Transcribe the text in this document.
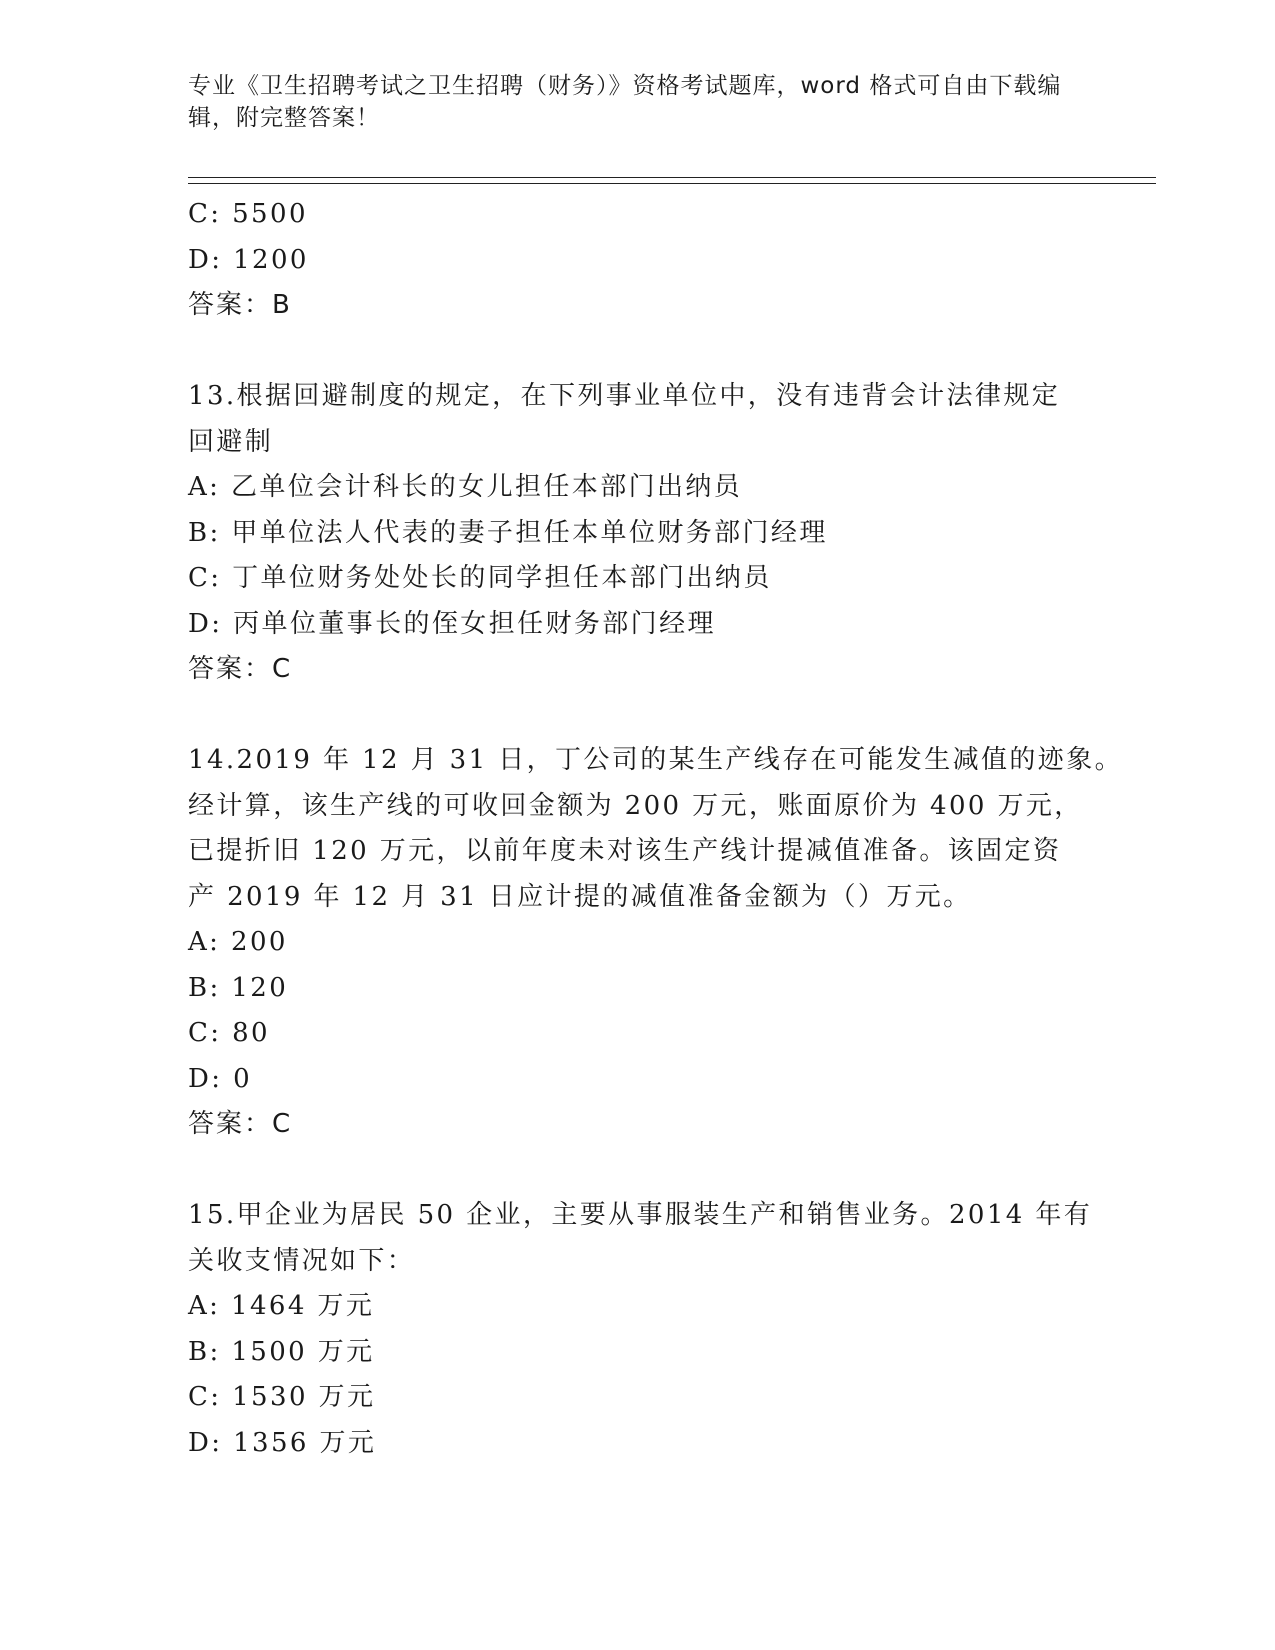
专业《卫生招聘考试之卫生招聘（财务）》资格考试题库，word 格式可自由下载编辑，附完整答案！
C: 5500
D: 1200
答案：B
13.根据回避制度的规定，在下列事业单位中，没有违背会计法律规定
回避制
A: 乙单位会计科长的女儿担任本部门出纳员
B: 甲单位法人代表的妻子担任本单位财务部门经理
C: 丁单位财务处处长的同学担任本部门出纳员
D: 丙单位董事长的侄女担任财务部门经理
答案：C
14.2019 年 12 月 31 日，丁公司的某生产线存在可能发生减值的迹象。
经计算，该生产线的可收回金额为 200 万元，账面原价为 400 万元，
已提折旧 120 万元，以前年度未对该生产线计提减值准备。该固定资
产 2019 年 12 月 31 日应计提的减值准备金额为（）万元。
A: 200
B: 120
C: 80
D: 0
答案：C
15.甲企业为居民 50 企业，主要从事服装生产和销售业务。2014 年有
关收支情况如下：
A: 1464 万元
B: 1500 万元
C: 1530 万元
D: 1356 万元
